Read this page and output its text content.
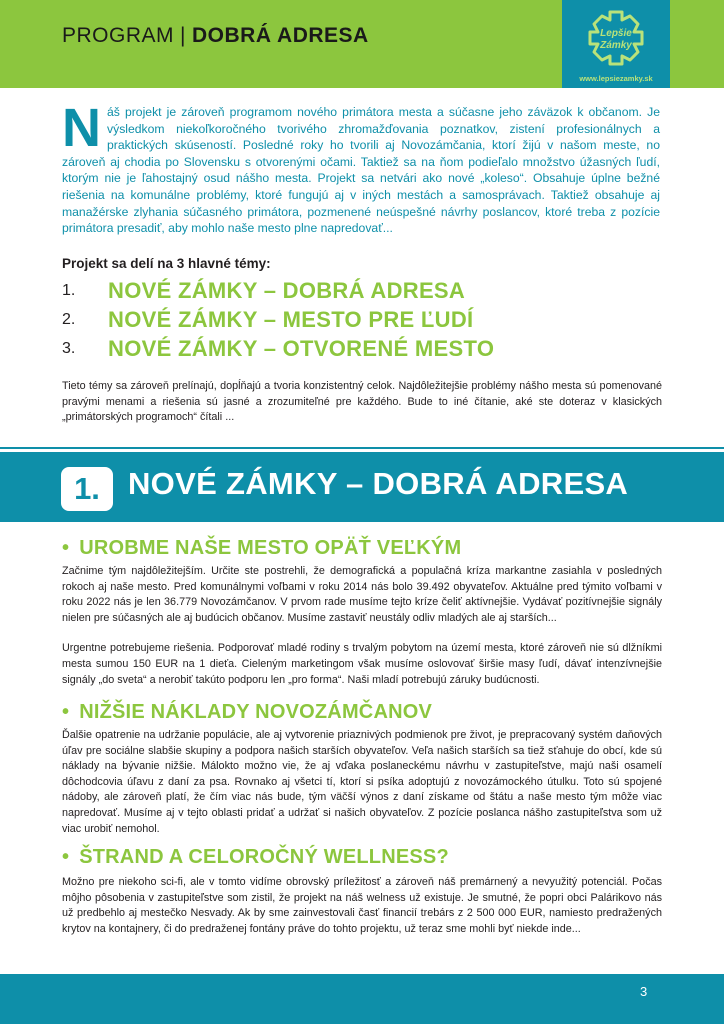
PROGRAM | DOBRÁ ADRESA	Lepšie
Zámky
www.lepsiezamky.sk
Náš projekt je zároveň programom nového primátora mesta a súčasne jeho záväzok k občanom. Je výsledkom niekoľkoročného tvorivého zhromažďovania poznatkov, zistení profesionálnych a praktických skúseností. Posledné roky ho tvorili aj Novozámčania, ktorí žijú v našom meste, no zároveň aj chodia po Slovensku s otvorenými očami. Taktiež sa na ňom podieľalo množstvo úžasných ľudí, ktorým nie je ľahostajný osud nášho mesta. Projekt sa netvári ako nové „koleso“. Obsahuje úplne bežné riešenia na komunálne problémy, ktoré fungujú aj v iných mestách a samosprávach. Taktiež obsahuje aj manažérske zlyhania súčasného primátora, pozmenené neúspešné návrhy poslancov, ktoré treba z pozície primátora presadiť, aby mohlo naše mesto plne napredovať...
Projekt sa delí na 3 hlavné témy:
1.	NOVÉ ZÁMKY – DOBRÁ ADRESA
2.	NOVÉ ZÁMKY – MESTO PRE ĽUDÍ
3.	NOVÉ ZÁMKY – OTVORENÉ MESTO
Tieto témy sa zároveň prelínajú, dopĺňajú a tvoria konzistentný celok. Najdôležitejšie problémy nášho mesta sú pomenované pravými menami a riešenia sú jasné a zrozumiteľné pre každého. Bude to iné čítanie, aké ste doteraz v klasických „primátorských programoch“ čítali ...
1. NOVÉ ZÁMKY – DOBRÁ ADRESA
• UROBME NAŠE MESTO OPÄŤ VEĽKÝM

Začnime tým najdôležitejším. Určite ste postrehli, že demografická a populačná kríza markantne zasiahla v posledných rokoch aj naše mesto. Pred komunálnymi voľbami v roku 2014 nás bolo 39.492 obyvateľov. Aktuálne pred týmito voľbami v roku 2022 nás je len 36.779 Novozámčanov. V prvom rade musíme tejto kríze čeliť aktívnejšie. Vydávať pozitívnejšie signály nielen pre súčasných ale aj budúcich občanov. Musíme zastaviť neustály odliv mladých ale aj starších...

Urgentne potrebujeme riešenia. Podporovať mladé rodiny s trvalým pobytom na území mesta, ktoré zároveň nie sú dlžníkmi mesta sumou 150 EUR na 1 dieťa. Cieleným marketingom však musíme oslovovať širšie masy ľudí, dávať intenzívnejšie signály „do sveta“ a nerobiť takúto podporu len „pro forma“. Naši mladí potrebujú záruky budúcnosti.

• NIŽŠIE NÁKLADY NOVOZÁMČANOV

Ďalšie opatrenie na udržanie populácie, ale aj vytvorenie priaznivých podmienok pre život, je prepracovaný systém daňových úľav pre sociálne slabšie skupiny a podpora našich starších obyvateľov. Veľa našich starších sa tiež sťahuje do obcí, kde sú náklady na bývanie nižšie. Málokto možno vie, že aj vďaka poslaneckému návrhu v zastupiteľstve, majú naši osamelí dôchodcovia úľavu z daní za psa. Rovnako aj všetci tí, ktorí si psíka adoptujú z novozámockého útulku. Toto sú spojené nádoby, ale zároveň platí, že čím viac nás bude, tým väčší výnos z daní získame od štátu a naše mesto tým môže viac napredovať. Musíme aj v tejto oblasti pridať a udržať si našich obyvateľov. Z pozície poslanca nášho zastupiteľstva som už viac urobiť nemohol.

• ŠTRAND A CELOROČNÝ WELLNESS?

Možno pre niekoho sci-fi, ale v tomto vidíme obrovský príležitosť a zároveň náš premárnený a nevyužitý potenciál. Počas môjho pôsobenia v zastupiteľstve som zistil, že projekt na náš welness už existuje. Je smutné, že popri obci Palárikovo nás už predbehlo aj mestečko Nesvady. Ak by sme zainvestovali časť financií trebárs z 2 500 000 EUR, namiesto predražených krytov na kontajnery, či do predraženej fontány práve do tohto projektu, už teraz sme mohli byť niekde inde...

3
